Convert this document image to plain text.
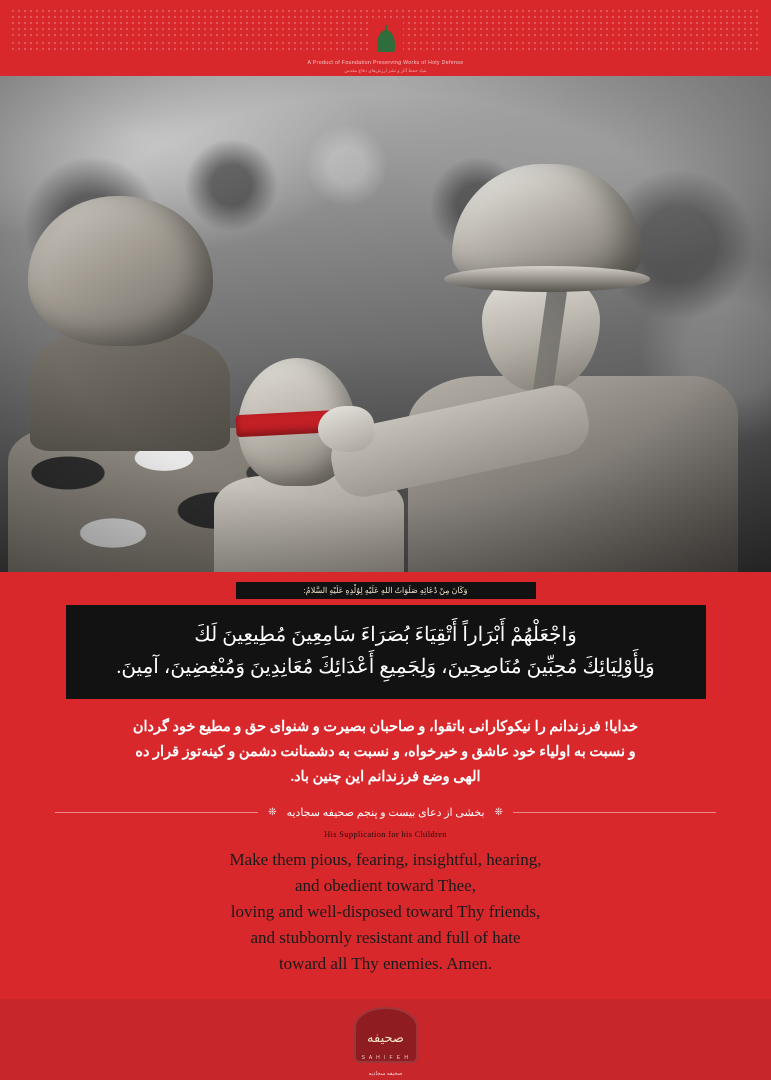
A Product of Foundation Preserving Works of Holy Defense
بنیاد حفظ آثار و نشر ارزش‌های دفاع مقدس
وَكَانَ مِنْ دُعَائِهِ صَلَوَاتُ اللهِ عَلَيْهِ لِوُلْدِهِ عَلَيْهِ السَّلامُ:
وَاجْعَلْهُمْ أَبْرَاراً أَتْقِيَاءَ بُصَرَاءَ سَامِعِينَ مُطِيعِينَ لَكَ
وَلِأَوْلِيَائِكَ مُحِبِّينَ مُنَاصِحِينَ، وَلِجَمِيعِ أَعْدَائِكَ مُعَانِدِينَ وَمُبْغِضِينَ، آمِينَ.
خدایا! فرزندانم را نیکوکارانی باتقوا، و صاحبان بصیرت و شنوای حق و مطیع خود گردان
و نسبت به اولیاء خود عاشق و خیرخواه، و نسبت به دشمنانت دشمن و کینه‌توز قرار ده
الهی وضع فرزندانم این چنین باد.
❊
بخشی از دعای بیست و پنجم صحیفه سجادیه
❊
His Supplication for his Children
Make them pious, fearing, insightful, hearing,
and obedient toward Thee,
loving and well-disposed toward Thy friends,
and stubbornly resistant and full of hate
toward all Thy enemies. Amen.
صحیفه
S A H I F E H
صحیفه سجادیه
